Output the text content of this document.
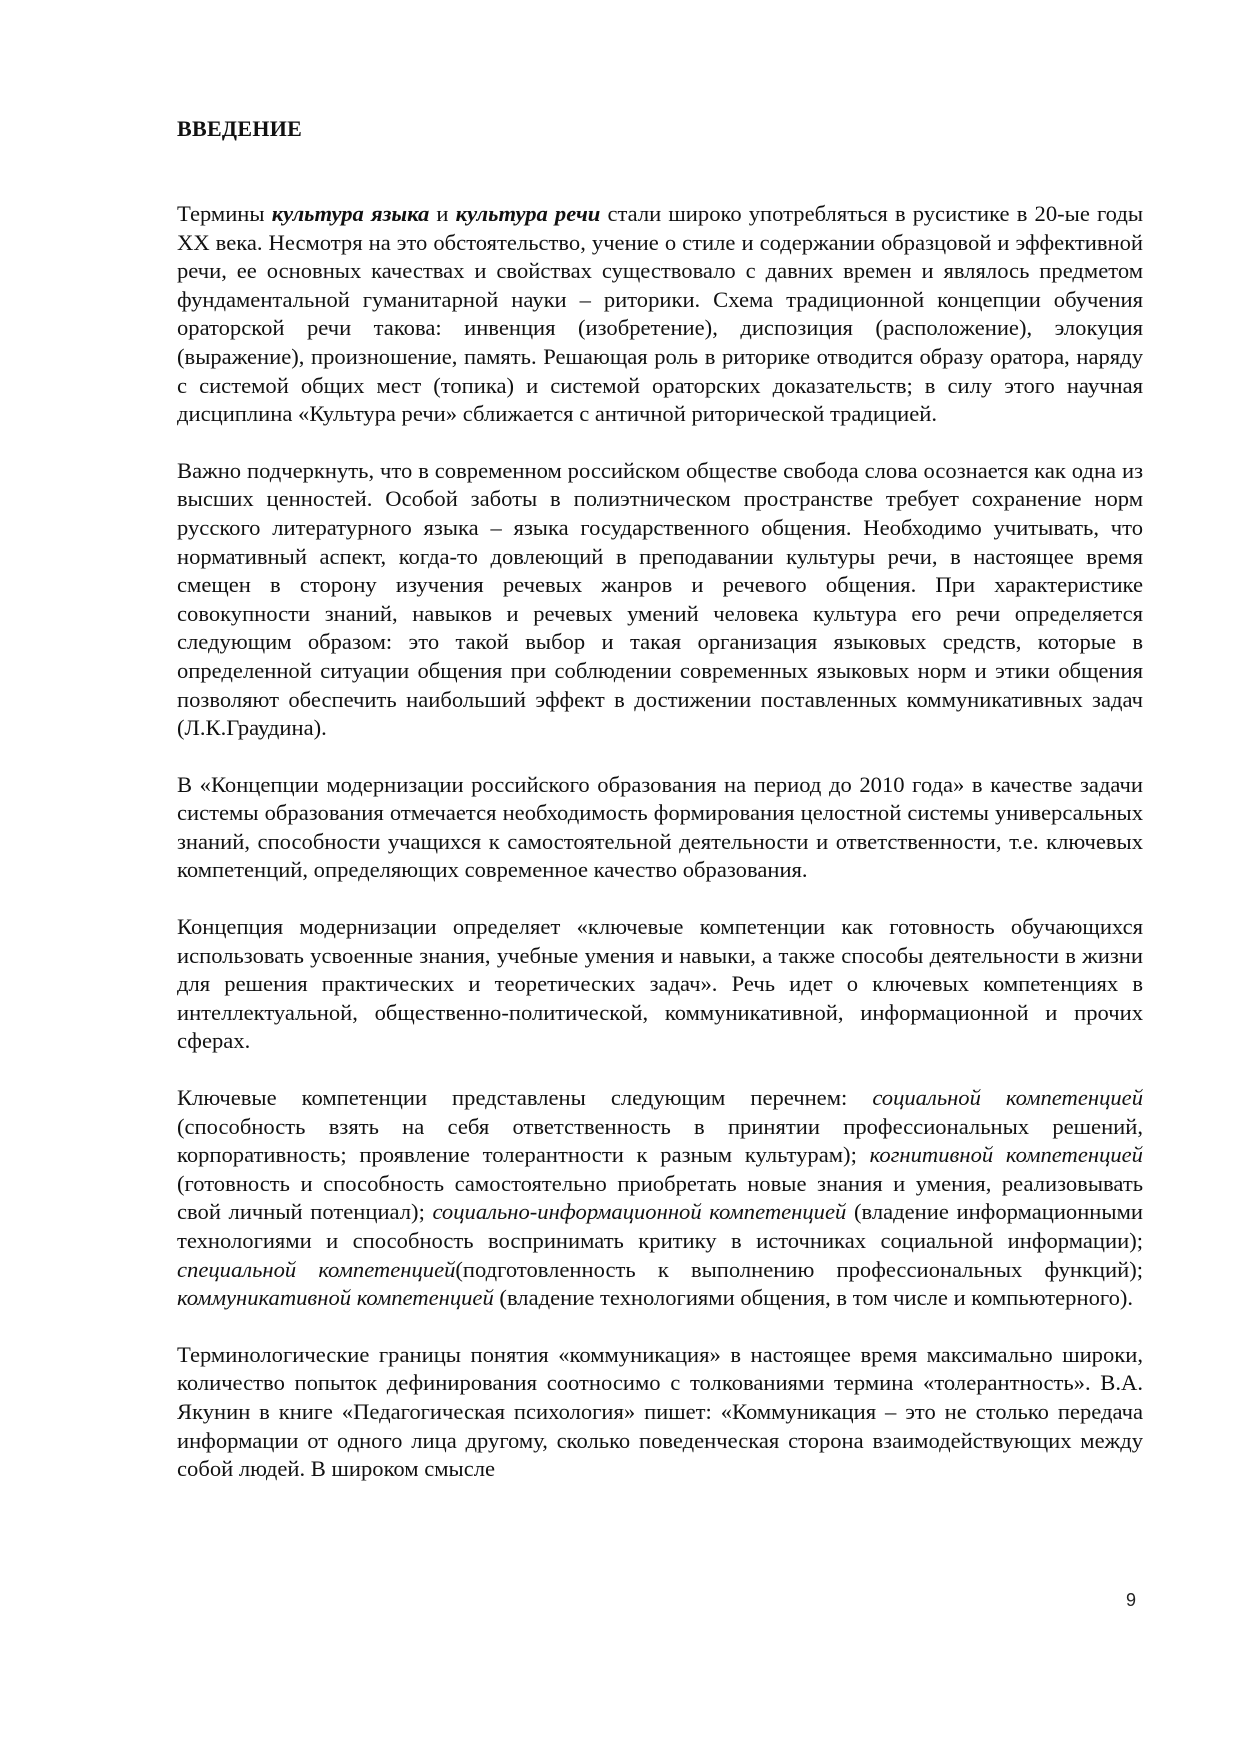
ВВЕДЕНИЕ

Термины культура языка и культура речи стали широко употребляться в русистике в 20-ые годы ХХ века. Несмотря на это обстоятельство, учение о стиле и содержании образцовой и эффективной речи, ее основных качествах и свойствах существовало с давних времен и являлось предметом фундаментальной гуманитарной науки – риторики. Схема традиционной концепции обучения ораторской речи такова: инвенция (изобретение), диспозиция (расположение), элокуция (выражение), произношение, память. Решающая роль в риторике отводится образу оратора, наряду с системой общих мест (топика) и системой ораторских доказательств; в силу этого научная дисциплина «Культура речи» сближается с античной риторической традицией.

Важно подчеркнуть, что в современном российском обществе свобода слова осознается как одна из высших ценностей. Особой заботы в полиэтническом пространстве требует сохранение норм русского литературного языка – языка государственного общения. Необходимо учитывать, что нормативный аспект, когда-то довлеющий в преподавании культуры речи, в настоящее время смещен в сторону изучения речевых жанров и речевого общения. При характеристике совокупности знаний, навыков и речевых умений человека культура его речи определяется следующим образом: это такой выбор и такая организация языковых средств, которые в определенной ситуации общения при соблюдении современных языковых норм и этики общения позволяют обеспечить наибольший эффект в достижении поставленных коммуникативных задач (Л.К.Граудина).

В «Концепции модернизации российского образования на период до 2010 года» в качестве задачи системы образования отмечается необходимость формирования целостной системы универсальных знаний, способности учащихся к самостоятельной деятельности и ответственности, т.е. ключевых компетенций, определяющих современное качество образования.

Концепция модернизации определяет «ключевые компетенции как готовность обучающихся использовать усвоенные знания, учебные умения и навыки, а также способы деятельности в жизни для решения практических и теоретических задач». Речь идет о ключевых компетенциях в интеллектуальной, общественно-политической, коммуникативной, информационной и прочих сферах.

Ключевые компетенции представлены следующим перечнем: социальной компетенцией (способность взять на себя ответственность в принятии профессиональных решений, корпоративность; проявление толерантности к разным культурам); когнитивной компетенцией (готовность и способность самостоятельно приобретать новые знания и умения, реализовывать свой личный потенциал); социально-информационной компетенцией (владение информационными технологиями и способность воспринимать критику в источниках социальной информации); специальной компетенцией(подготовленность к выполнению профессиональных функций); коммуникативной компетенцией (владение технологиями общения, в том числе и компьютерного).

Терминологические границы понятия «коммуникация» в настоящее время максимально широки, количество попыток дефинирования соотносимо с толкованиями термина «толерантность». В.А. Якунин в книге «Педагогическая психология» пишет: «Коммуникация – это не столько передача информации от одного лица другому, сколько поведенческая сторона взаимодействующих между собой людей. В широком смысле

9
